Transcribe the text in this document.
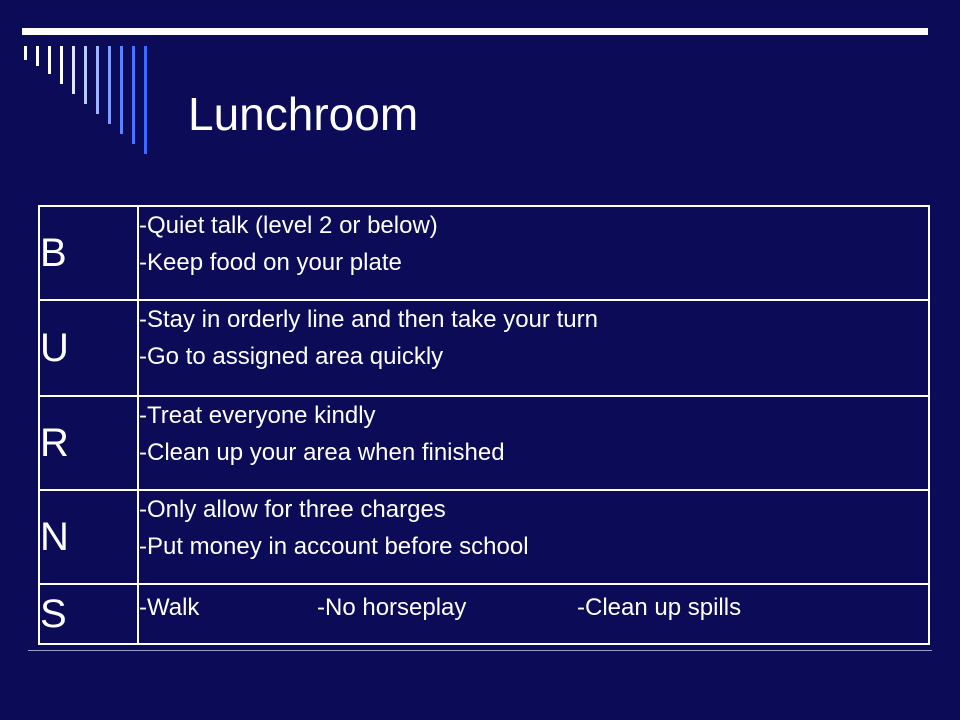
Lunchroom
B	-Quiet talk (level 2 or below)
-Keep food on your plate

U	-Stay in orderly line and then take your turn
-Go to assigned area quickly

R	-Treat everyone kindly
-Clean up your area when finished

N	-Only allow for three charges
-Put money in account before school

S	-Walk -No horseplay -Clean up spills
